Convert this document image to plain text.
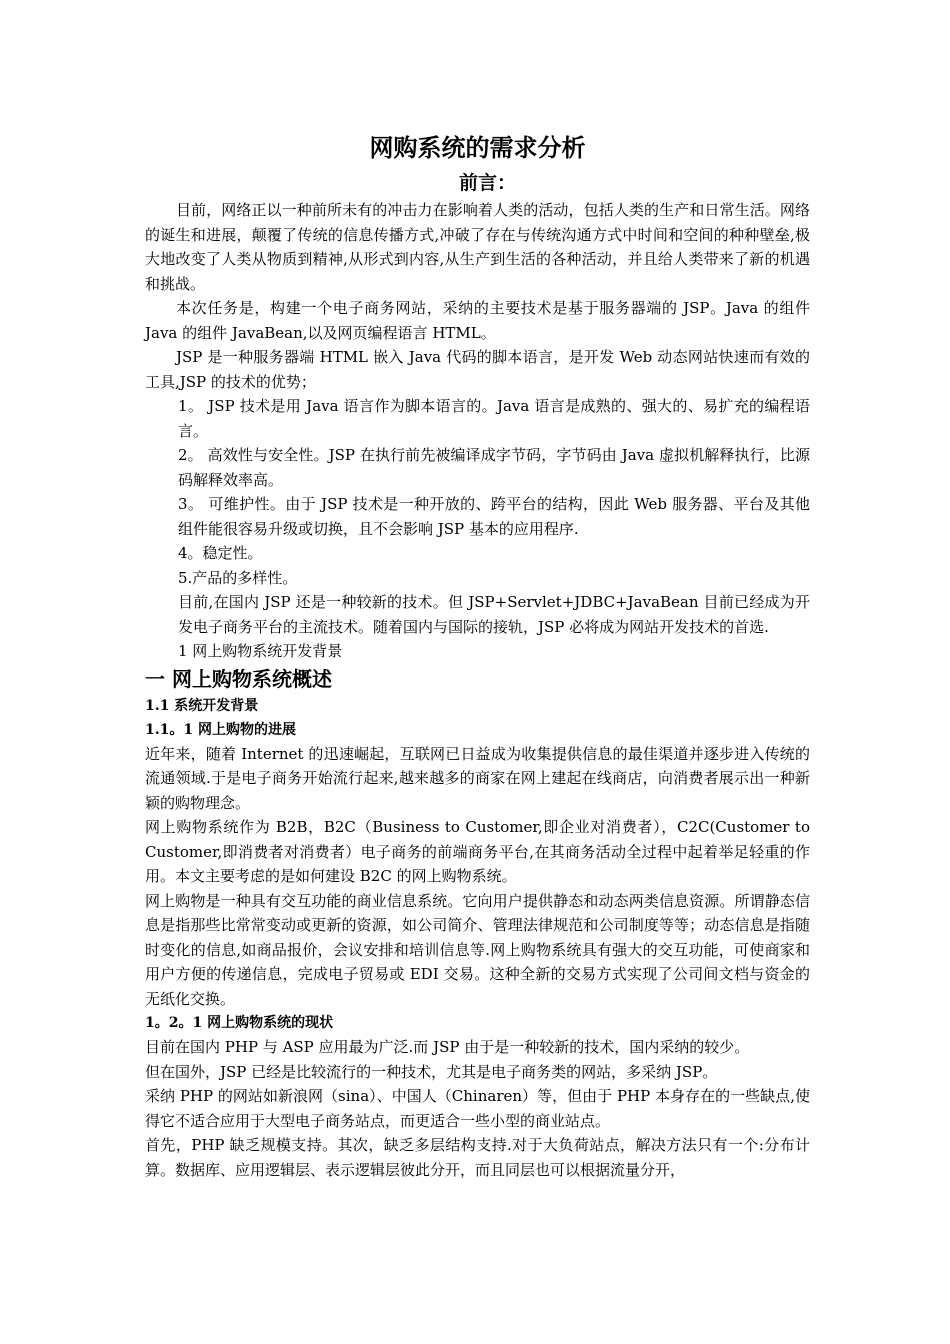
网购系统的需求分析
前言：

目前，网络正以一种前所未有的冲击力在影响着人类的活动，包括人类的生产和日常生活。网络的诞生和进展，颠覆了传统的信息传播方式,冲破了存在与传统沟通方式中时间和空间的种种壁垒,极大地改变了人类从物质到精神,从形式到内容,从生产到生活的各种活动，并且给人类带来了新的机遇和挑战。

本次任务是，构建一个电子商务网站，采纳的主要技术是基于服务器端的 JSP。Java 的组件 Java 的组件 JavaBean,以及网页编程语言 HTML。

JSP 是一种服务器端 HTML 嵌入 Java 代码的脚本语言，是开发 Web 动态网站快速而有效的工具,JSP 的技术的优势；

1。 JSP 技术是用 Java 语言作为脚本语言的。Java 语言是成熟的、强大的、易扩充的编程语言。

2。 高效性与安全性。JSP 在执行前先被编译成字节码，字节码由 Java 虚拟机解释执行，比源码解释效率高。

3。 可维护性。由于 JSP 技术是一种开放的、跨平台的结构，因此 Web 服务器、平台及其他组件能很容易升级或切换，且不会影响 JSP 基本的应用程序.

4。稳定性。

5.产品的多样性。

目前,在国内 JSP 还是一种较新的技术。但 JSP+Servlet+JDBC+JavaBean 目前已经成为开发电子商务平台的主流技术。随着国内与国际的接轨，JSP 必将成为网站开发技术的首选.

1 网上购物系统开发背景

一 网上购物系统概述
1.1 系统开发背景
1.1。1 网上购物的进展

近年来，随着 Internet 的迅速崛起，互联网已日益成为收集提供信息的最佳渠道并逐步进入传统的流通领域.于是电子商务开始流行起来,越来越多的商家在网上建起在线商店，向消费者展示出一种新颖的购物理念。

网上购物系统作为 B2B，B2C（Business to Customer,即企业对消费者），C2C(Customer to Customer,即消费者对消费者）电子商务的前端商务平台,在其商务活动全过程中起着举足轻重的作用。本文主要考虑的是如何建设 B2C 的网上购物系统。

网上购物是一种具有交互功能的商业信息系统。它向用户提供静态和动态两类信息资源。所谓静态信息是指那些比常常变动或更新的资源，如公司简介、管理法律规范和公司制度等等；动态信息是指随时变化的信息,如商品报价，会议安排和培训信息等.网上购物系统具有强大的交互功能，可使商家和用户方便的传递信息，完成电子贸易或 EDI 交易。这种全新的交易方式实现了公司间文档与资金的无纸化交换。

1。2。1 网上购物系统的现状

目前在国内 PHP 与 ASP 应用最为广泛.而 JSP 由于是一种较新的技术，国内采纳的较少。

但在国外，JSP 已经是比较流行的一种技术，尤其是电子商务类的网站，多采纳 JSP。

采纳 PHP 的网站如新浪网（sina）、中国人（Chinaren）等，但由于 PHP 本身存在的一些缺点,使得它不适合应用于大型电子商务站点，而更适合一些小型的商业站点。

首先，PHP 缺乏规模支持。其次，缺乏多层结构支持.对于大负荷站点，解决方法只有一个:分布计算。数据库、应用逻辑层、表示逻辑层彼此分开，而且同层也可以根据流量分开，
